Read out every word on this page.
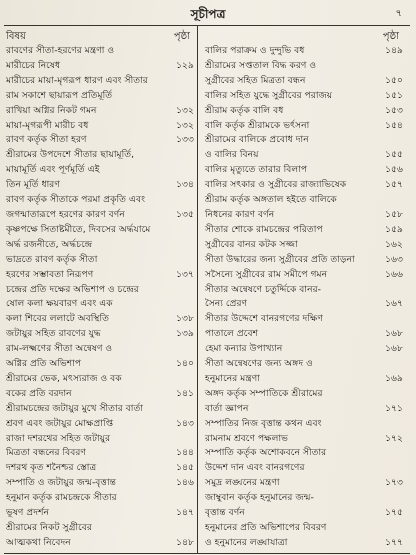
সূচীপত্র	৭
বিষয়	পৃষ্ঠা
রাবণের সীতা-হরণের মন্ত্রণা ও
মারীচের নিষেধ	১২৯
মারীচের মায়া-মৃগরূপ ধারণ এবং সীতার
রাম সকাশে ছায়ারূপ প্রতিমূর্তি
রাখিয়া অগ্নির নিকট গমন	১৩২
মায়া-মৃগরূপী মারীচ বধ	১৩২
রাবণ কর্তৃক সীতা হরণ	১৩৩
শ্রীরামের উপদেশে সীতার ছায়ামূর্তি,
মায়ামূর্তি এবং পূর্ণমূর্তি এই
তিন মূর্তি ধারণ	১৩৪
রাবণ কর্তৃক সীতাকে পরমা প্রকৃতি এবং
জগন্মাতারূপে হরণের কারণ বর্ণন	১৩৫
কৃষ্ণপক্ষে সিতাষ্টমীতে, দিবসের অর্দ্ধযামে
অর্দ্ধ রজনীতে, অর্দ্ধচন্দ্রে
ভাদ্রতে রাবণ কর্তৃক সীতা
হরণের সম্ভাবতা নিরূপণ	১৩৭
চন্দ্রের প্রতি দক্ষের অভিশাপ ও চন্দ্রের
ষোল কলা ক্ষয়বারণ এবং এক
কলা শিবের ললাটে অবস্থিতি	১৩৮
জটায়ুর সহিত রাবণের যুদ্ধ	১৩৯
রাম-লক্ষ্মণের সীতা অন্বেষণ ও
অগ্নির প্রতি অভিশাপ	১৪০
শ্রীরামের ভেক, মৎস্যরাজ ও বক
বকের প্রতি বরদান	১৪১
শ্রীরামচন্দ্রের জটায়ুর মুখে সীতার বার্তা
শ্রবণ এবং জটায়ুর মোক্ষপ্রাপ্তি	১৪৩
রাজা দশরথের সহিত জটায়ুর
মিত্রতা বন্ধনের বিবরণ	১৪৪
দশরথ কৃত শনৈশ্চর স্তোত্র	১৪৫
সম্পাতি ও জটায়ুর জন্ম-বৃত্তান্ত	১৪৬
হনুমান কর্তৃক রামচন্দ্রকে সীতার
ভূষণ প্রদর্শন	১৪৭
শ্রীরামের নিকট সুগ্রীবের
আত্মকথা নিবেদন	১৪৮
পৃষ্ঠা
বালির পরাক্রম ও দুন্দুভি বধ	১৪৯
শ্রীরামের সপ্ততাল বিদ্ধ করণ ও
সুগ্রীবের সহিত মিত্রতা বন্ধন	১৫০
বালির সহিত যুদ্ধে সুগ্রীবের পরাজয়	১৫১
শ্রীরাম কর্তৃক বালি বধ	১৫৩
বালি কর্তৃক শ্রীরামকে ভর্ৎসনা	১৫৪
শ্রীরামের বালিকে প্রবোধ দান
ও বালির বিনয়	১৫৫
বালির মৃত্যুতে তারার বিলাপ	১৫৬
বালির সৎকার ও সুগ্রীবের রাজ্যাভিষেক	১৫৭
শ্রীরাম কর্তৃক অঙ্গতাল হইতে বালিকে
নিধনের কারণ বর্ণন	১৫৮
সীতার শোকে রামচন্দ্রের পরিতাপ	১৫৯
সুগ্রীবের বানর কটক সজ্জা	১৬২
সীতা উদ্ধারের জন্য সুগ্রীবের প্রতি তাড়না	১৬৩
সসৈন্যে সুগ্রীবের রাম সমীপে গমন	১৬৬
সীতার অন্বেষণে চতুর্দ্দিকে বানর-
সৈন্য প্রেরণ	১৬৭
সীতার উদ্দেশে বানরগণের দক্ষিণ
পাতালে প্রবেশ	১৬৮
হেমা কন্যার উপাখ্যান	১৬৮
সীতা অন্বেষণের জন্য অঙ্গদ ও
হনুমানের মন্ত্রণা	১৬৯
অঙ্গদ কর্তৃক সম্পাতিকে শ্রীরামের
বার্তা জ্ঞাপন	১৭১
সম্পাতির নিজ বৃত্তান্ত কথন এবং
রামনাম শ্রবণে পক্ষলাভ	১৭২
সম্পাতি কর্তৃক অশোকবনে সীতার
উদ্দেশ দান এবং বানরগণের
সমুদ্র লঙ্ঘনের মন্ত্রণা	১৭৩
জাম্বুবান কর্তৃক হনুমানের জন্ম-
বৃত্তান্ত বর্ণন	১৭৫
হনুমানের প্রতি অভিশাপের বিবরণ
ও হনুমানের লঙ্ঘাযাত্রা	১৭৭
